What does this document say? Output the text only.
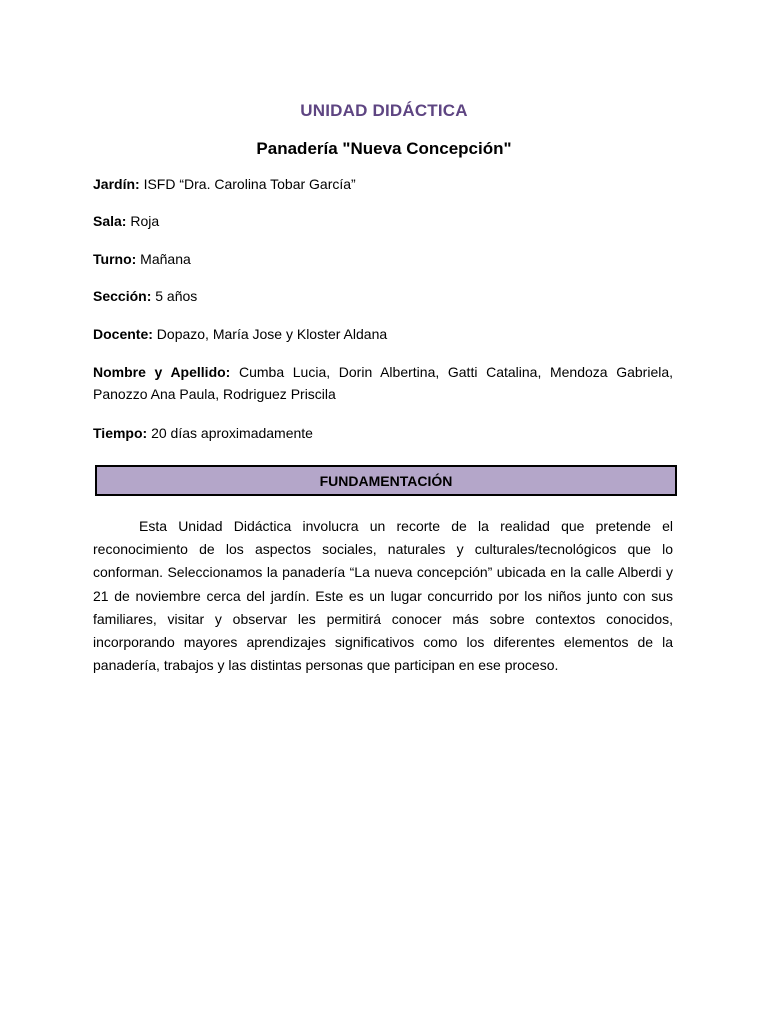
UNIDAD DIDÁCTICA
Panadería "Nueva Concepción"
Jardín: ISFD “Dra. Carolina Tobar García”
Sala: Roja
Turno: Mañana
Sección: 5 años
Docente: Dopazo, María Jose y Kloster Aldana
Nombre y Apellido: Cumba Lucia, Dorin Albertina, Gatti Catalina, Mendoza Gabriela, Panozzo Ana Paula, Rodriguez Priscila
Tiempo: 20 días aproximadamente
FUNDAMENTACIÓN
Esta Unidad Didáctica involucra un recorte de la realidad que pretende el reconocimiento de los aspectos sociales, naturales y culturales/tecnológicos que lo conforman. Seleccionamos la panadería “La nueva concepción” ubicada en la calle Alberdi y 21 de noviembre cerca del jardín. Este es un lugar concurrido por los niños junto con sus familiares, visitar y observar les permitirá conocer más sobre contextos conocidos, incorporando mayores aprendizajes significativos como los diferentes elementos de la panadería, trabajos y las distintas personas que participan en ese proceso.
